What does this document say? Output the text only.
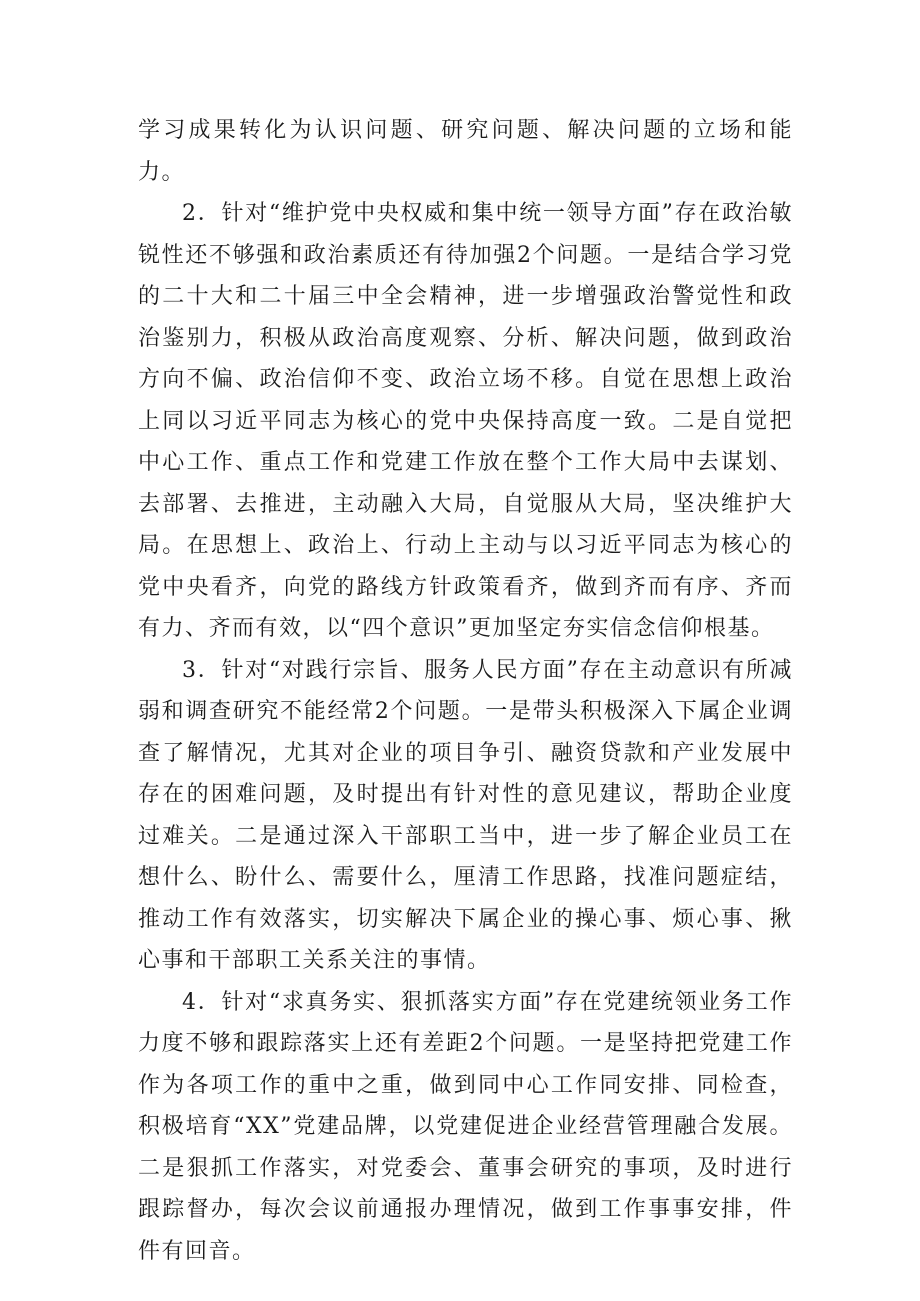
学习成果转化为认识问题、研究问题、解决问题的立场和能力。

2．针对“维护党中央权威和集中统一领导方面”存在政治敏锐性还不够强和政治素质还有待加强2个问题。一是结合学习党的二十大和二十届三中全会精神，进一步增强政治警觉性和政治鉴别力，积极从政治高度观察、分析、解决问题，做到政治方向不偏、政治信仰不变、政治立场不移。自觉在思想上政治上同以习近平同志为核心的党中央保持高度一致。二是自觉把中心工作、重点工作和党建工作放在整个工作大局中去谋划、去部署、去推进，主动融入大局，自觉服从大局，坚决维护大局。在思想上、政治上、行动上主动与以习近平同志为核心的党中央看齐，向党的路线方针政策看齐，做到齐而有序、齐而有力、齐而有效，以“四个意识”更加坚定夯实信念信仰根基。

3．针对“对践行宗旨、服务人民方面”存在主动意识有所减弱和调查研究不能经常2个问题。一是带头积极深入下属企业调查了解情况，尤其对企业的项目争引、融资贷款和产业发展中存在的困难问题，及时提出有针对性的意见建议，帮助企业度过难关。二是通过深入干部职工当中，进一步了解企业员工在想什么、盼什么、需要什么，厘清工作思路，找准问题症结，推动工作有效落实，切实解决下属企业的操心事、烦心事、揪心事和干部职工关系关注的事情。

4．针对“求真务实、狠抓落实方面”存在党建统领业务工作力度不够和跟踪落实上还有差距2个问题。一是坚持把党建工作作为各项工作的重中之重，做到同中心工作同安排、同检查，积极培育“XX”党建品牌，以党建促进企业经营管理融合发展。二是狠抓工作落实，对党委会、董事会研究的事项，及时进行跟踪督办，每次会议前通报办理情况，做到工作事事安排，件件有回音。
